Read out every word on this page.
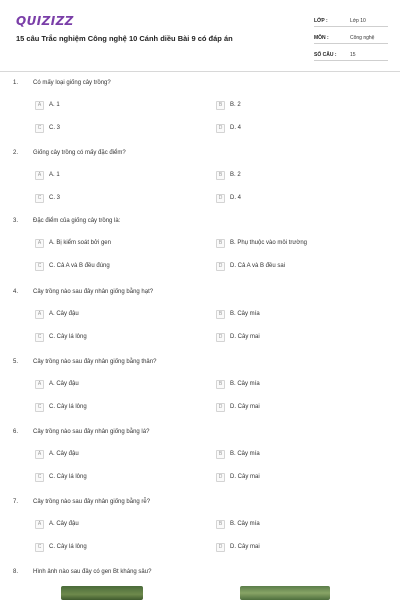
QUIZIZZ
15 câu Trắc nghiệm Công nghệ 10 Cánh diều Bài 9 có đáp án
LỚP :	Lớp 10
MÔN :	Công nghệ
SỐ CÂU :	15
1. Có mấy loại giống cây trồng?
A	A. 1	B	B. 2
C	C. 3	D	D. 4
2. Giống cây trồng có mấy đặc điểm?
A	A. 1	B	B. 2
C	C. 3	D	D. 4
3. Đặc điểm của giống cây trồng là:
A	A. Bị kiểm soát bởi gen	B	B. Phụ thuộc vào môi trường
C	C. Cả A và B đều đúng	D	D. Cả A và B đều sai
4. Cây trồng nào sau đây nhân giống bằng hạt?
A	A. Cây đậu	B	B. Cây mía
C	C. Cây lá lông	D	D. Cây mai
5. Cây trồng nào sau đây nhân giống bằng thân?
A	A. Cây đậu	B	B. Cây mía
C	C. Cây lá lông	D	D. Cây mai
6. Cây trồng nào sau đây nhân giống bằng lá?
A	A. Cây đậu	B	B. Cây mía
C	C. Cây lá lông	D	D. Cây mai
7. Cây trồng nào sau đây nhân giống bằng rễ?
A	A. Cây đậu	B	B. Cây mía
C	C. Cây lá lông	D	D. Cây mai
8. Hình ảnh nào sau đây có gen Bt kháng sâu?
